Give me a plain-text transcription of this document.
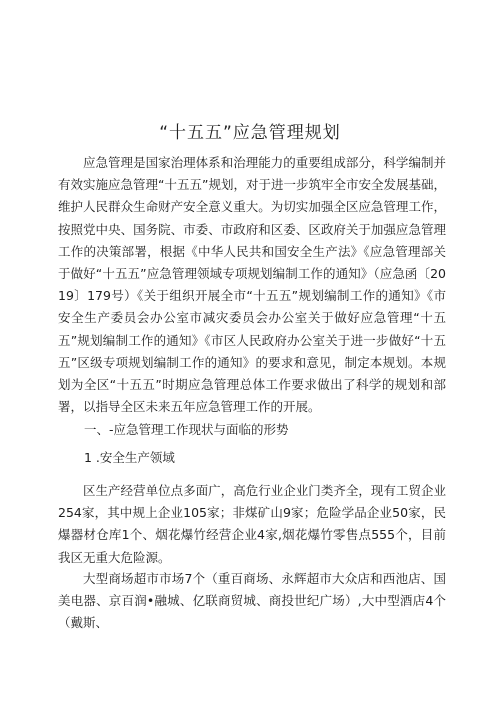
“十五五”应急管理规划

应急管理是国家治理体系和治理能力的重要组成部分，科学编制并有效实施应急管理“十五五”规划，对于进一步筑牢全市安全发展基础，维护人民群众生命财产安全意义重大。为切实加强全区应急管理工作，按照党中央、国务院、市委、市政府和区委、区政府关于加强应急管理工作的决策部署，根据《中华人民共和国安全生产法》《应急管理部关于做好“十五五”应急管理领域专项规划编制工作的通知》（应急函〔2019〕179号）《关于组织开展全市“十五五”规划编制工作的通知》《市安全生产委员会办公室市减灾委员会办公室关于做好应急管理“十五五”规划编制工作的通知》《市区人民政府办公室关于进一步做好“十五五”区级专项规划编制工作的通知》的要求和意见，制定本规划。本规划为全区“十五五”时期应急管理总体工作要求做出了科学的规划和部署，以指导全区未来五年应急管理工作的开展。

一、-应急管理工作现状与面临的形势

1 .安全生产领域

区生产经营单位点多面广，高危行业企业门类齐全，现有工贸企业254家，其中规上企业105家；非煤矿山9家；危险学品企业50家，民爆器材仓库1个、烟花爆竹经营企业4家,烟花爆竹零售点555个，目前我区无重大危险源。

大型商场超市市场7个（重百商场、永辉超市大众店和西池店、国美电器、京百润•融城、亿联商贸城、商投世纪广场）,大中型酒店4个（戴斯、
